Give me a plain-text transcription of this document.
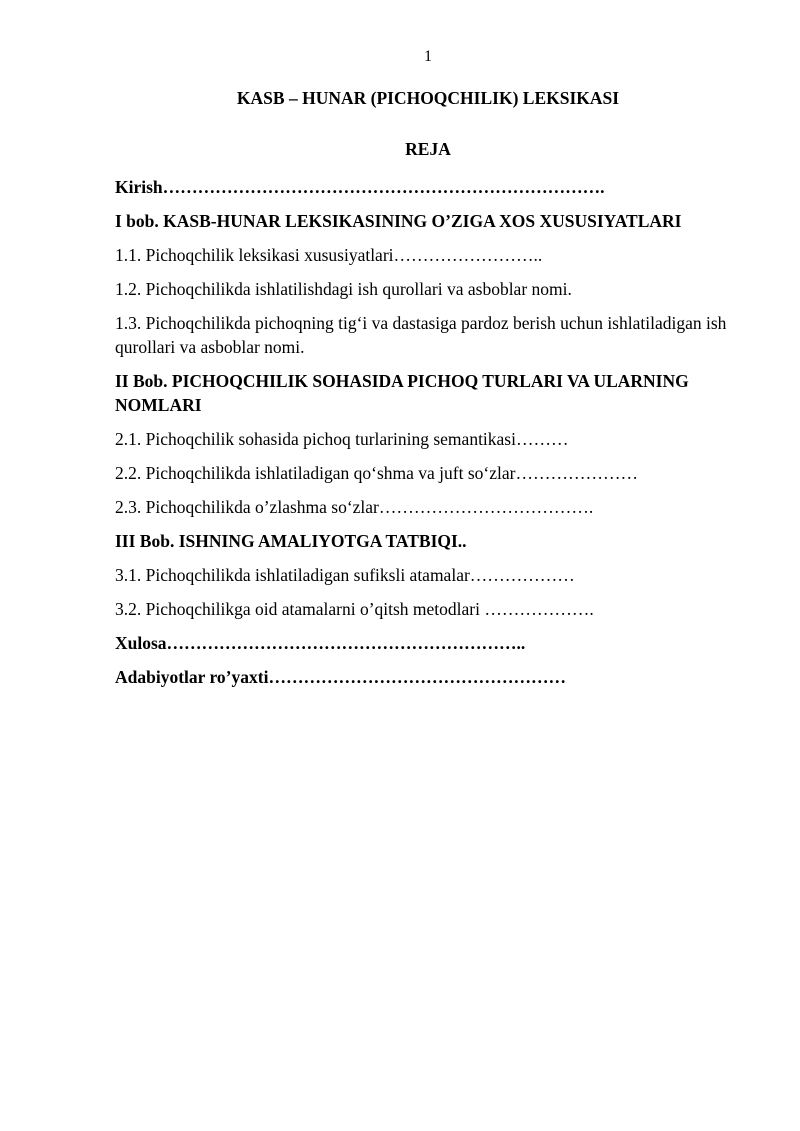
1
KASB – HUNAR (PICHOQCHILIK) LEKSIKASI
REJA
Kirish………………………………………………………………….
I bob. KASB-HUNAR LEKSIKASINING O’ZIGA XOS XUSUSIYATLARI
1.1. Pichoqchilik leksikasi xususiyatlari……………………..
1.2. Pichoqchilikda ishlatilishdagi ish qurollari va asboblar nomi.
1.3. Pichoqchilikda pichoqning tig‘i va dastasiga pardoz berish uchun ishlatiladigan ish qurollari va asboblar nomi.
II Bob. PICHOQCHILIK SOHASIDA PICHOQ TURLARI VA ULARNING NOMLARI
2.1. Pichoqchilik sohasida pichoq turlarining semantikasi………
2.2. Pichoqchilikda ishlatiladigan qo‘shma va juft so‘zlar…………………
2.3. Pichoqchilikda o’zlashma so‘zlar……………………………….
III Bob. ISHNING AMALIYOTGA TATBIQI..
3.1. Pichoqchilikda ishlatiladigan sufiksli atamalar………………
3.2. Pichoqchilikga oid atamalarni o’qitsh metodlari ……………….
Xulosa……………………………………………………..
Adabiyotlar ro’yaxti……………………………………………
